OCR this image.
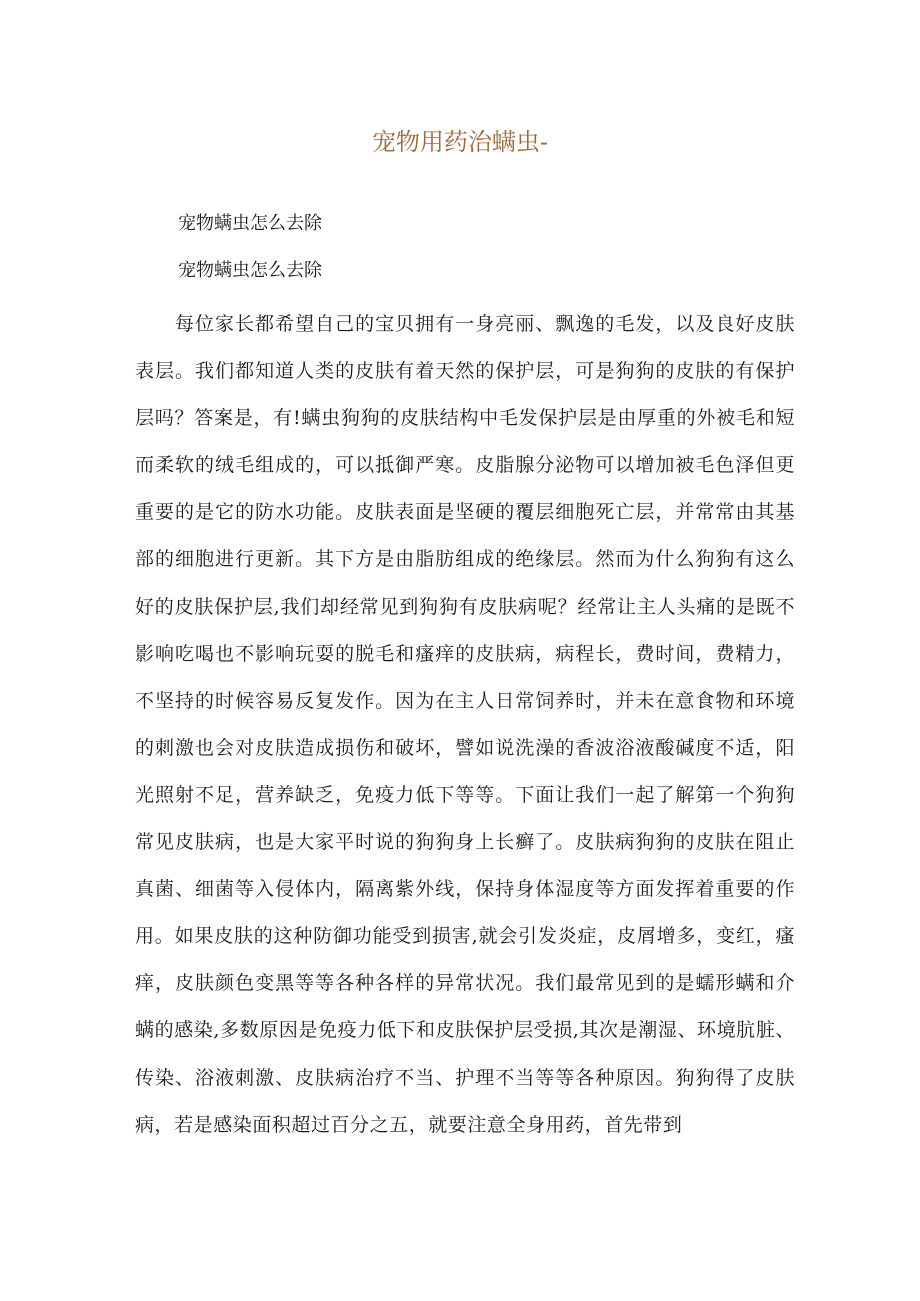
宠物用药治螨虫-

宠物螨虫怎么去除

宠物螨虫怎么去除

每位家长都希望自己的宝贝拥有一身亮丽、飘逸的毛发，以及良好皮肤表层。我们都知道人类的皮肤有着天然的保护层，可是狗狗的皮肤的有保护层吗？答案是，有!螨虫狗狗的皮肤结构中毛发保护层是由厚重的外被毛和短而柔软的绒毛组成的，可以抵御严寒。皮脂腺分泌物可以增加被毛色泽但更重要的是它的防水功能。皮肤表面是坚硬的覆层细胞死亡层，并常常由其基部的细胞进行更新。其下方是由脂肪组成的绝缘层。然而为什么狗狗有这么好的皮肤保护层,我们却经常见到狗狗有皮肤病呢？经常让主人头痛的是既不影响吃喝也不影响玩耍的脱毛和瘙痒的皮肤病，病程长，费时间，费精力，不坚持的时候容易反复发作。因为在主人日常饲养时，并未在意食物和环境的刺激也会对皮肤造成损伤和破坏，譬如说洗澡的香波浴液酸碱度不适，阳光照射不足，营养缺乏，免疫力低下等等。下面让我们一起了解第一个狗狗常见皮肤病，也是大家平时说的狗狗身上长癣了。皮肤病狗狗的皮肤在阻止真菌、细菌等入侵体内，隔离紫外线，保持身体湿度等方面发挥着重要的作用。如果皮肤的这种防御功能受到损害,就会引发炎症，皮屑增多，变红，瘙痒，皮肤颜色变黑等等各种各样的异常状况。我们最常见到的是蠕形螨和介螨的感染,多数原因是免疫力低下和皮肤保护层受损,其次是潮湿、环境肮脏、传染、浴液刺激、皮肤病治疗不当、护理不当等等各种原因。狗狗得了皮肤病，若是感染面积超过百分之五，就要注意全身用药，首先带到
